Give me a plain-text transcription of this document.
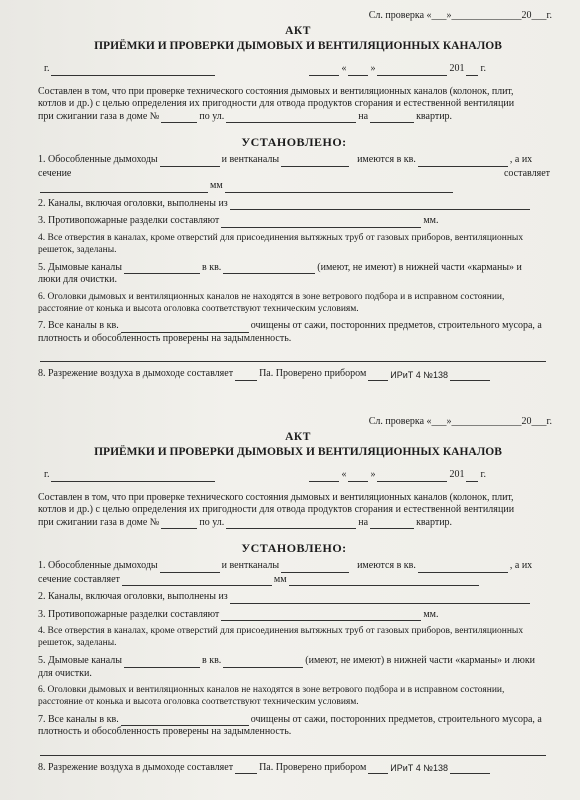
Сл. проверка «___»______________20___г.
АКТ
ПРИЁМКИ И ПРОВЕРКИ ДЫМОВЫХ И ВЕНТИЛЯЦИОННЫХ КАНАЛОВ
г.	« »	201 г.
Составлен в том, что при проверке технического состояния дымовых и вентиляционных каналов (колонок, плит,
котлов и др.) с целью определения их пригодности для отвода продуктов сгорания и естественной вентиляции
при сжигании газа в доме №	по ул.	на	квартир.
УСТАНОВЛЕНО:
1. Обособленные дымоходы	и вентканалы	имеются в кв.	, а их
сечение	составляет
мм
2. Каналы, включая оголовки, выполнены из
3. Противопожарные разделки составляют	мм.
4. Все отверстия в каналах, кроме отверстий для присоединения вытяжных труб от газовых приборов, вентиляционных решеток, заделаны.
5. Дымовые каналы	в кв.	(имеют, не имеют) в нижней части «карманы» и
люки для очистки.
6. Оголовки дымовых и вентиляционных каналов не находятся в зоне ветрового подбора и в исправном состоянии, расстояние от конька и высота оголовка соответствуют техническим условиям.
7. Все каналы в кв.	очищены от сажи, посторонних предметов, строительного мусора, а
плотность и обособленность проверены на задымленность.
8. Разрежение воздуха в дымоходе составляет	Па. Проверено прибором	ИРиТ 4 №138
Сл. проверка «___»______________20___г.
АКТ
ПРИЁМКИ И ПРОВЕРКИ ДЫМОВЫХ И ВЕНТИЛЯЦИОННЫХ КАНАЛОВ
г.	« »	201 г.
Составлен в том, что при проверке технического состояния дымовых и вентиляционных каналов (колонок, плит,
котлов и др.) с целью определения их пригодности для отвода продуктов сгорания и естественной вентиляции
при сжигании газа в доме №	по ул.	на	квартир.
УСТАНОВЛЕНО:
1. Обособленные дымоходы	и вентканалы	имеются в кв.	, а их
сечение составляет	мм
2. Каналы, включая оголовки, выполнены из
3. Противопожарные разделки составляют	мм.
4. Все отверстия в каналах, кроме отверстий для присоединения вытяжных труб от газовых приборов, вентиляционных решеток, заделаны.
5. Дымовые каналы	в кв.	(имеют, не имеют) в нижней части «карманы» и люки
для очистки.
6. Оголовки дымовых и вентиляционных каналов не находятся в зоне ветрового подбора и в исправном состоянии, расстояние от конька и высота оголовка соответствуют техническим условиям.
7. Все каналы в кв.	очищены от сажи, посторонних предметов, строительного мусора, а
плотность и обособленность проверены на задымленность.
8. Разрежение воздуха в дымоходе составляет	Па. Проверено прибором	ИРиТ 4 №138
